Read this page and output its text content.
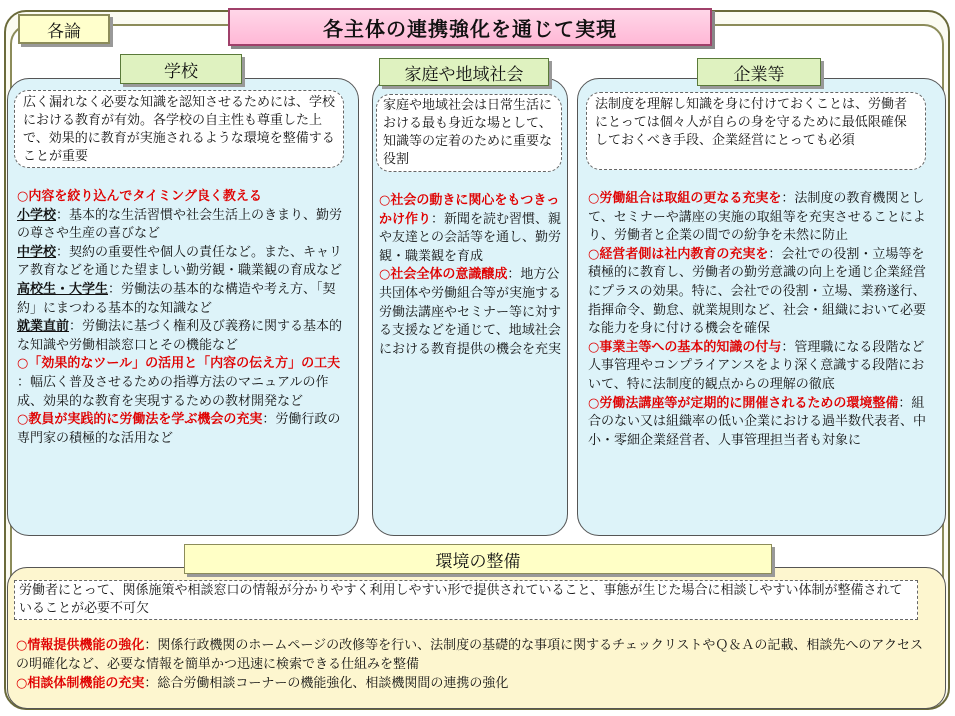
各論	各主体の連携強化を通じて実現
学校	家庭や地域社会	企業等
広く漏れなく必要な知識を認知させるためには、学校における教育が有効。各学校の自主性も尊重した上で、効果的に教育が実施されるような環境を整備することが重要
家庭や地域社会は日常生活における最も身近な場として、知識等の定着のために重要な役割
法制度を理解し知識を身に付けておくことは、労働者にとっては個々人が自らの身を守るために最低限確保しておくべき手段、企業経営にとっても必須
○内容を絞り込んでタイミング良く教える
小学校：基本的な生活習慣や社会生活上のきまり、勤労の尊さや生産の喜びなど
中学校：契約の重要性や個人の責任など。また、キャリア教育などを通じた望ましい勤労観・職業観の育成など
高校生・大学生：労働法の基本的な構造や考え方、「契約」にまつわる基本的な知識など
就業直前：労働法に基づく権利及び義務に関する基本的な知識や労働相談窓口とその機能など
○「効果的なツール」の活用と「内容の伝え方」の工夫
：幅広く普及させるための指導方法のマニュアルの作成、効果的な教育を実現するための教材開発など
○教員が実践的に労働法を学ぶ機会の充実：労働行政の専門家の積極的な活用など
○社会の動きに関心をもつきっかけ作り：新聞を読む習慣、親や友達との会話等を通し、勤労観・職業観を育成
○社会全体の意識醸成：地方公共団体や労働組合等が実施する労働法講座やセミナー等に対する支援などを通じて、地域社会における教育提供の機会を充実
○労働組合は取組の更なる充実を：法制度の教育機関として、セミナーや講座の実施の取組等を充実させることにより、労働者と企業の間での紛争を未然に防止
○経営者側は社内教育の充実を：会社での役割・立場等を積極的に教育し、労働者の勤労意識の向上を通じ企業経営にプラスの効果。特に、会社での役割・立場、業務遂行、指揮命令、勤怠、就業規則など、社会・組織において必要な能力を身に付ける機会を確保
○事業主等への基本的知識の付与：管理職になる段階など人事管理やコンプライアンスをより深く意識する段階において、特に法制度的観点からの理解の徹底
○労働法講座等が定期的に開催されるための環境整備：組合のない又は組織率の低い企業における過半数代表者、中小・零細企業経営者、人事管理担当者も対象に
環境の整備
労働者にとって、関係施策や相談窓口の情報が分かりやすく利用しやすい形で提供されていること、事態が生じた場合に相談しやすい体制が整備されていることが必要不可欠
○情報提供機能の強化：関係行政機関のホームページの改修等を行い、法制度の基礎的な事項に関するチェックリストやＱ＆Ａの記載、相談先へのアクセスの明確化など、必要な情報を簡単かつ迅速に検索できる仕組みを整備
○相談体制機能の充実：総合労働相談コーナーの機能強化、相談機関間の連携の強化
